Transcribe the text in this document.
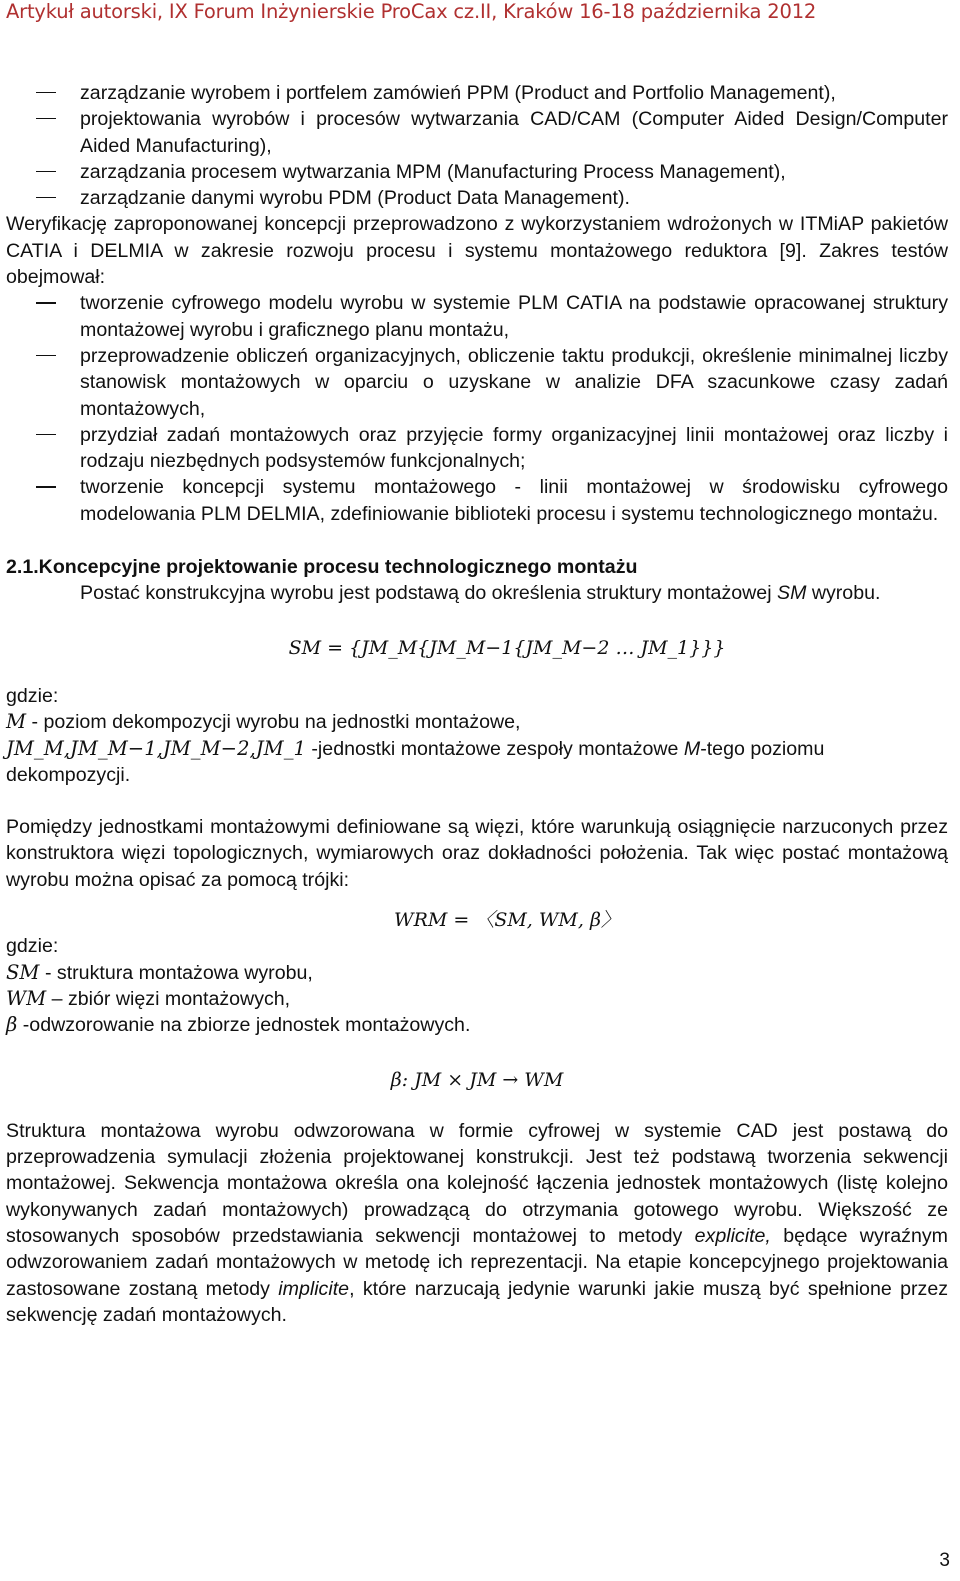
Artykuł autorski, IX Forum Inżynierskie ProCax cz.II, Kraków 16-18 października 2012
zarządzanie wyrobem i portfelem zamówień PPM (Product and Portfolio Management),
projektowania wyrobów i procesów wytwarzania CAD/CAM (Computer Aided Design/Computer Aided Manufacturing),
zarządzania procesem wytwarzania MPM (Manufacturing Process Management),
zarządzanie danymi wyrobu PDM (Product Data Management).
Weryfikację zaproponowanej koncepcji przeprowadzono z wykorzystaniem wdrożonych w ITMiAP pakietów CATIA i DELMIA w zakresie rozwoju procesu i systemu montażowego reduktora [9]. Zakres testów obejmował:
tworzenie cyfrowego modelu wyrobu w systemie PLM CATIA na podstawie opracowanej struktury montażowej wyrobu i graficznego planu montażu,
przeprowadzenie obliczeń organizacyjnych, obliczenie taktu produkcji, określenie minimalnej liczby stanowisk montażowych w oparciu o uzyskane w analizie DFA szacunkowe czasy zadań montażowych,
przydział zadań montażowych oraz przyjęcie formy organizacyjnej linii montażowej oraz liczby i rodzaju niezbędnych podsystemów funkcjonalnych;
tworzenie koncepcji systemu montażowego - linii montażowej w środowisku cyfrowego modelowania PLM DELMIA, zdefiniowanie biblioteki procesu i systemu technologicznego montażu.
2.1.Koncepcyjne projektowanie procesu technologicznego montażu
Postać konstrukcyjna wyrobu jest podstawą do określenia struktury montażowej SM wyrobu.
SM = {JM_M{JM_M−1{JM_M−2 … JM_1}}}
gdzie:
M - poziom dekompozycji wyrobu na jednostki montażowe,
JM_M,JM_M−1,JM_M−2,JM_1 -jednostki montażowe zespoły montażowe M-tego poziomu dekompozycji.
Pomiędzy jednostkami montażowymi definiowane są więzi, które warunkują osiągnięcie narzuconych przez konstruktora więzi topologicznych, wymiarowych oraz dokładności położenia. Tak więc postać montażową wyrobu można opisać za pomocą trójki:
WRM = 〈SM, WM, β〉
gdzie:
SM - struktura montażowa wyrobu,
WM – zbiór więzi montażowych,
β -odwzorowanie na zbiorze jednostek montażowych.
β: JM × JM → WM
Struktura montażowa wyrobu odwzorowana w formie cyfrowej w systemie CAD jest postawą do przeprowadzenia symulacji złożenia projektowanej konstrukcji. Jest też podstawą tworzenia sekwencji montażowej. Sekwencja montażowa określa ona kolejność łączenia jednostek montażowych (listę kolejno wykonywanych zadań montażowych) prowadzącą do otrzymania gotowego wyrobu. Większość ze stosowanych sposobów przedstawiania sekwencji montażowej to metody explicite, będące wyraźnym odwzorowaniem zadań montażowych w metodę ich reprezentacji. Na etapie koncepcyjnego projektowania zastosowane zostaną metody implicite, które narzucają jedynie warunki jakie muszą być spełnione przez sekwencję zadań montażowych.
3
